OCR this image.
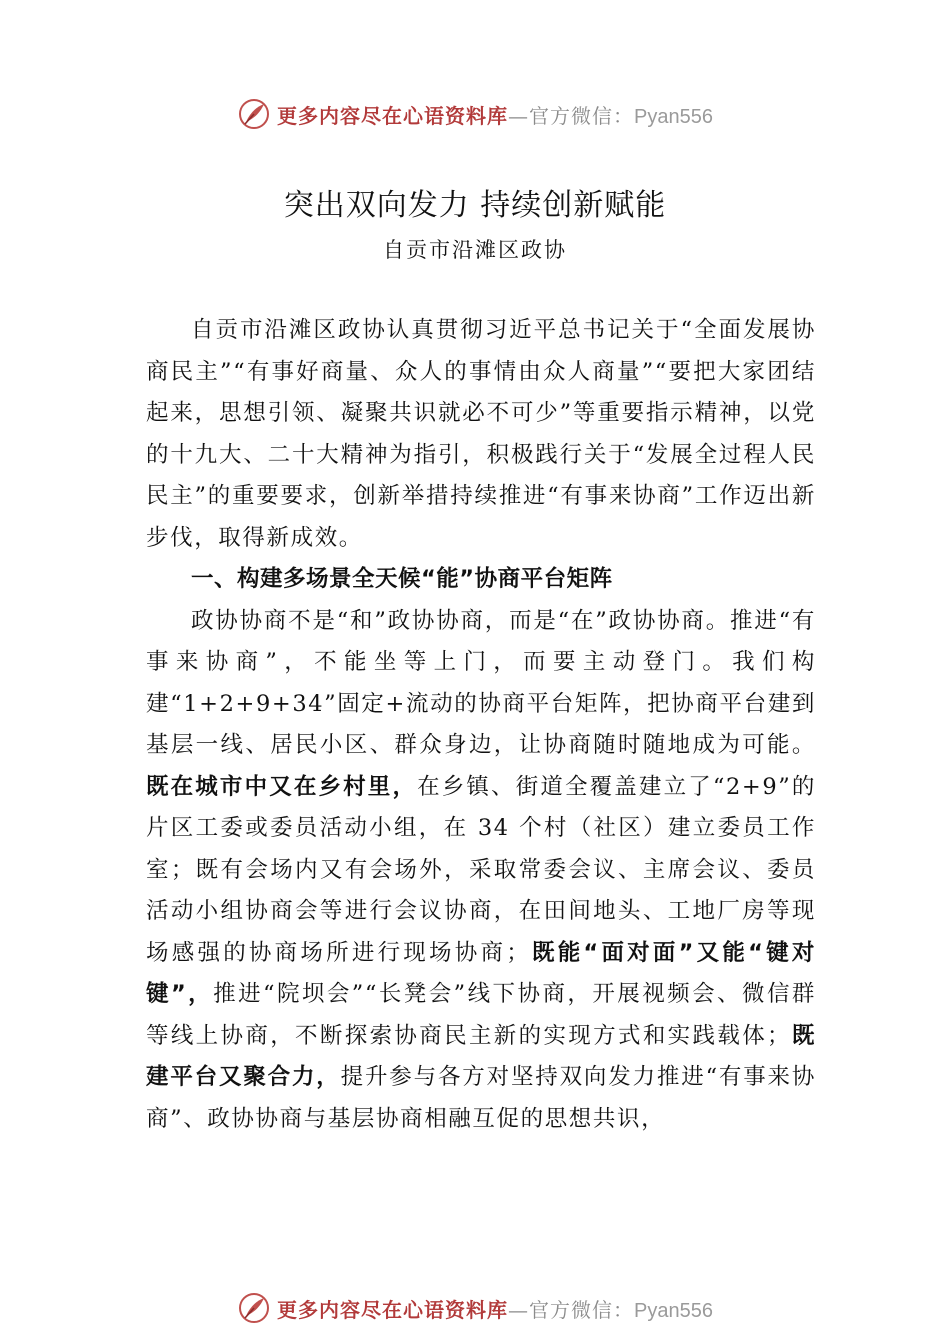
更多内容尽在心语资料库—官方微信：Pyan556
突出双向发力 持续创新赋能
自贡市沿滩区政协

自贡市沿滩区政协认真贯彻习近平总书记关于“全面发展协商民主”“有事好商量、众人的事情由众人商量”“要把大家团结起来，思想引领、凝聚共识就必不可少”等重要指示精神，以党的十九大、二十大精神为指引，积极践行关于“发展全过程人民民主”的重要要求，创新举措持续推进“有事来协商”工作迈出新步伐，取得新成效。

一、构建多场景全天候“能”协商平台矩阵

政协协商不是“和”政协协商，而是“在”政协协商。推进“有事来协商”，不能坐等上门，而要主动登门。我们构建“1+2+9+34”固定+流动的协商平台矩阵，把协商平台建到基层一线、居民小区、群众身边，让协商随时随地成为可能。既在城市中又在乡村里，在乡镇、街道全覆盖建立了“2+9”的片区工委或委员活动小组，在 34 个村（社区）建立委员工作室；既有会场内又有会场外，采取常委会议、主席会议、委员活动小组协商会等进行会议协商，在田间地头、工地厂房等现场感强的协商场所进行现场协商；既能“面对面”又能“键对键”，推进“院坝会”“长凳会”线下协商，开展视频会、微信群等线上协商，不断探索协商民主新的实现方式和实践载体；既建平台又聚合力，提升参与各方对坚持双向发力推进“有事来协商”、政协协商与基层协商相融互促的思想共识，

更多内容尽在心语资料库—官方微信：Pyan556
